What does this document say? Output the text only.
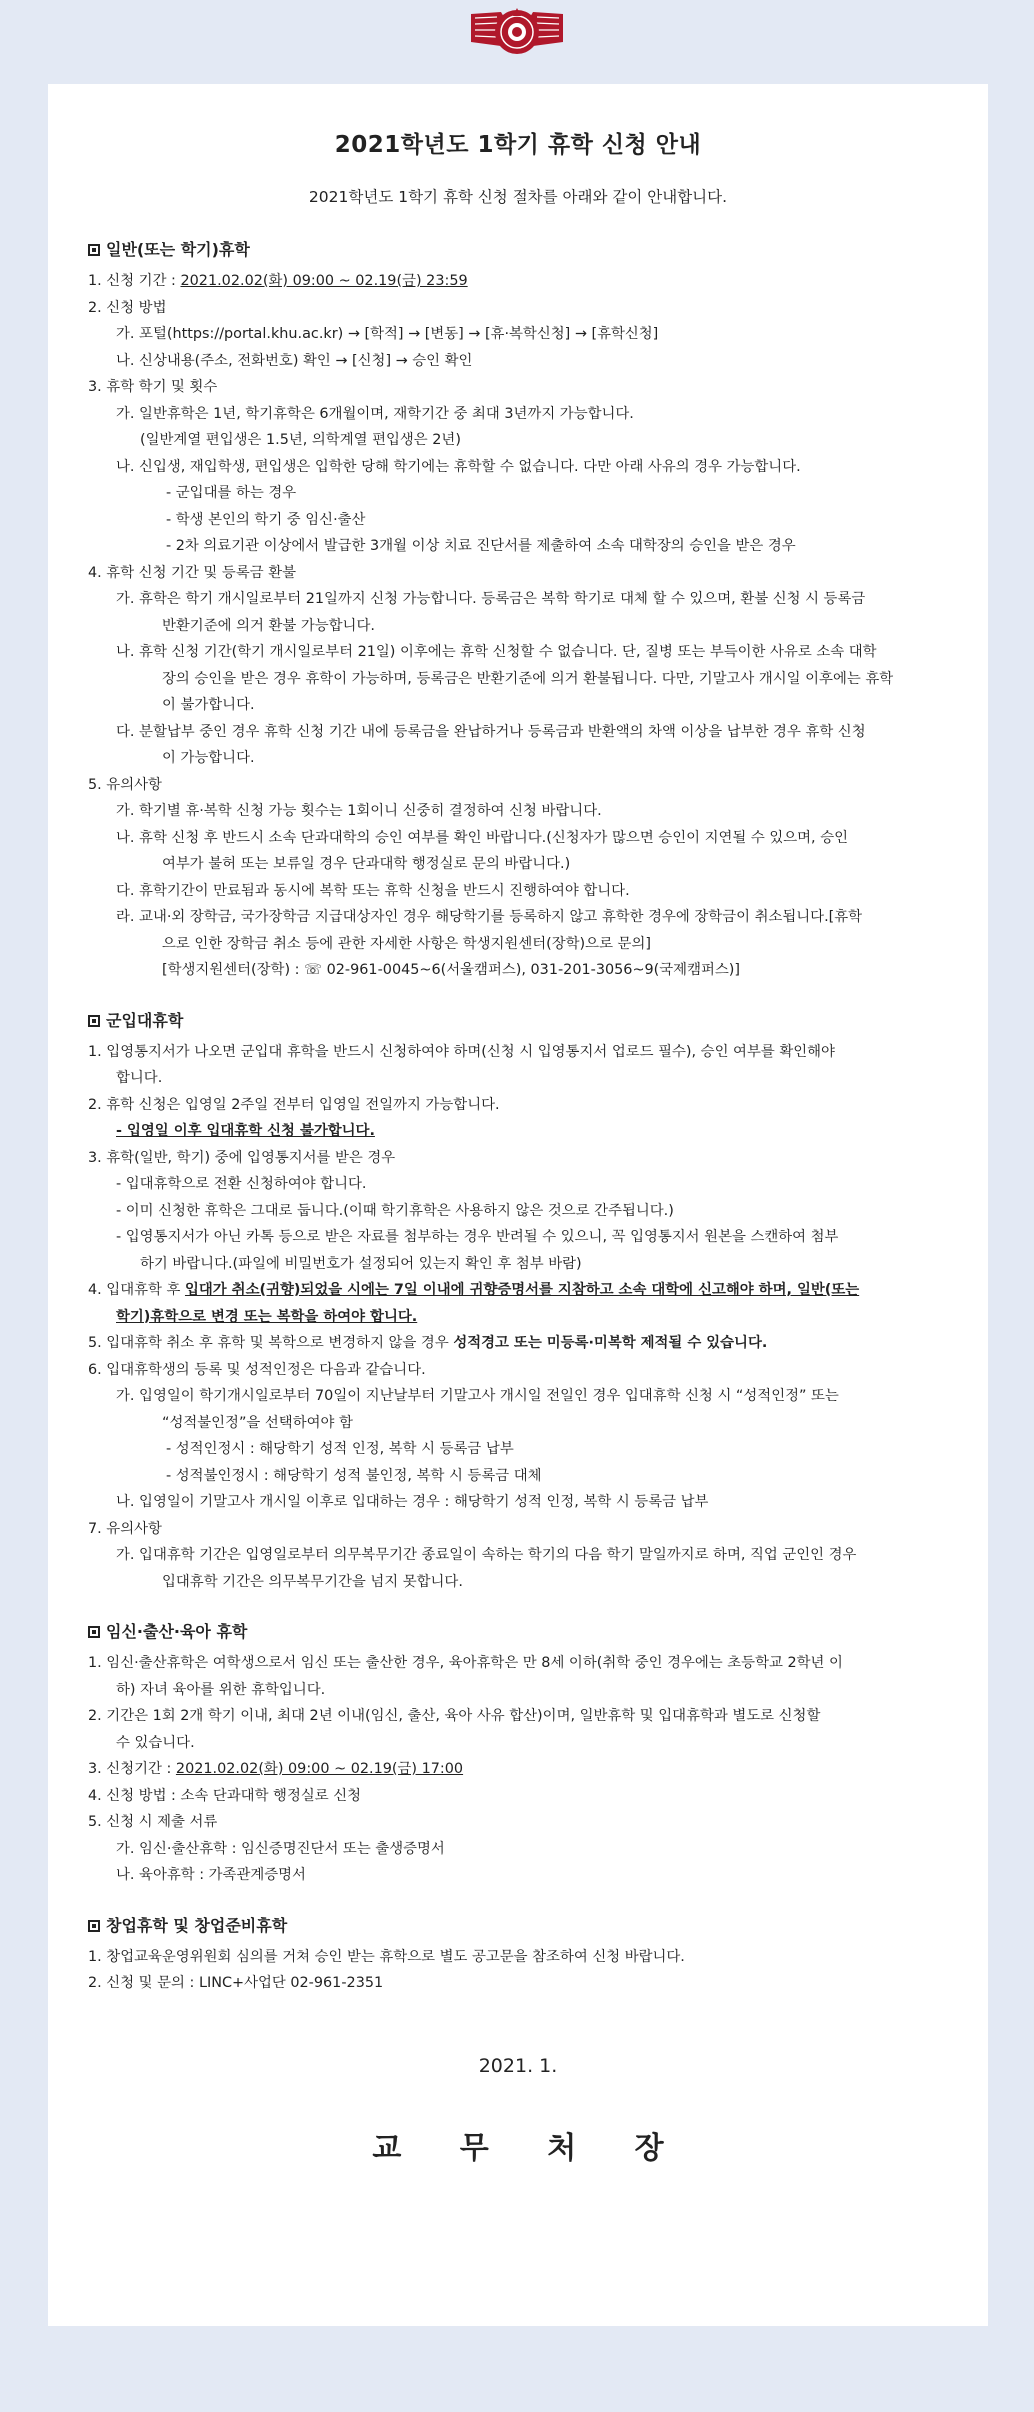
2021학년도 1학기 휴학 신청 안내
2021학년도 1학기 휴학 신청 절차를 아래와 같이 안내합니다.
일반(또는 학기)휴학
1. 신청 기간 : 2021.02.02(화) 09:00 ~ 02.19(금) 23:59
2. 신청 방법
가. 포털(https://portal.khu.ac.kr) → [학적] → [변동] → [휴·복학신청] → [휴학신청]
나. 신상내용(주소, 전화번호) 확인 → [신청] → 승인 확인
3. 휴학 학기 및 횟수
가. 일반휴학은 1년, 학기휴학은 6개월이며, 재학기간 중 최대 3년까지 가능합니다.
(일반계열 편입생은 1.5년, 의학계열 편입생은 2년)
나. 신입생, 재입학생, 편입생은 입학한 당해 학기에는 휴학할 수 없습니다. 다만 아래 사유의 경우 가능합니다.
- 군입대를 하는 경우
- 학생 본인의 학기 중 임신·출산
- 2차 의료기관 이상에서 발급한 3개월 이상 치료 진단서를 제출하여 소속 대학장의 승인을 받은 경우
4. 휴학 신청 기간 및 등록금 환불
가. 휴학은 학기 개시일로부터 21일까지 신청 가능합니다. 등록금은 복학 학기로 대체 할 수 있으며, 환불 신청 시 등록금
반환기준에 의거 환불 가능합니다.
나. 휴학 신청 기간(학기 개시일로부터 21일) 이후에는 휴학 신청할 수 없습니다. 단, 질병 또는 부득이한 사유로 소속 대학
장의 승인을 받은 경우 휴학이 가능하며, 등록금은 반환기준에 의거 환불됩니다. 다만, 기말고사 개시일 이후에는 휴학
이 불가합니다.
다. 분할납부 중인 경우 휴학 신청 기간 내에 등록금을 완납하거나 등록금과 반환액의 차액 이상을 납부한 경우 휴학 신청
이 가능합니다.
5. 유의사항
가. 학기별 휴·복학 신청 가능 횟수는 1회이니 신중히 결정하여 신청 바랍니다.
나. 휴학 신청 후 반드시 소속 단과대학의 승인 여부를 확인 바랍니다.(신청자가 많으면 승인이 지연될 수 있으며, 승인
여부가 불허 또는 보류일 경우 단과대학 행정실로 문의 바랍니다.)
다. 휴학기간이 만료됨과 동시에 복학 또는 휴학 신청을 반드시 진행하여야 합니다.
라. 교내·외 장학금, 국가장학금 지급대상자인 경우 해당학기를 등록하지 않고 휴학한 경우에 장학금이 취소됩니다.[휴학
으로 인한 장학금 취소 등에 관한 자세한 사항은 학생지원센터(장학)으로 문의]
[학생지원센터(장학) : ☏ 02-961-0045~6(서울캠퍼스), 031-201-3056~9(국제캠퍼스)]
군입대휴학
1. 입영통지서가 나오면 군입대 휴학을 반드시 신청하여야 하며(신청 시 입영통지서 업로드 필수), 승인 여부를 확인해야
합니다.
2. 휴학 신청은 입영일 2주일 전부터 입영일 전일까지 가능합니다.
- 입영일 이후 입대휴학 신청 불가합니다.
3. 휴학(일반, 학기) 중에 입영통지서를 받은 경우
- 입대휴학으로 전환 신청하여야 합니다.
- 이미 신청한 휴학은 그대로 둡니다.(이때 학기휴학은 사용하지 않은 것으로 간주됩니다.)
- 입영통지서가 아닌 카톡 등으로 받은 자료를 첨부하는 경우 반려될 수 있으니, 꼭 입영통지서 원본을 스캔하여 첨부
하기 바랍니다.(파일에 비밀번호가 설정되어 있는지 확인 후 첨부 바람)
4. 입대휴학 후 입대가 취소(귀향)되었을 시에는 7일 이내에 귀향증명서를 지참하고 소속 대학에 신고해야 하며, 일반(또는
학기)휴학으로 변경 또는 복학을 하여야 합니다.
5. 입대휴학 취소 후 휴학 및 복학으로 변경하지 않을 경우 성적경고 또는 미등록·미복학 제적될 수 있습니다.
6. 입대휴학생의 등록 및 성적인정은 다음과 같습니다.
가. 입영일이 학기개시일로부터 70일이 지난날부터 기말고사 개시일 전일인 경우 입대휴학 신청 시 “성적인정” 또는
“성적불인정”을 선택하여야 함
- 성적인정시 : 해당학기 성적 인정, 복학 시 등록금 납부
- 성적불인정시 : 해당학기 성적 불인정, 복학 시 등록금 대체
나. 입영일이 기말고사 개시일 이후로 입대하는 경우 : 해당학기 성적 인정, 복학 시 등록금 납부
7. 유의사항
가. 입대휴학 기간은 입영일로부터 의무복무기간 종료일이 속하는 학기의 다음 학기 말일까지로 하며, 직업 군인인 경우
입대휴학 기간은 의무복무기간을 넘지 못합니다.
임신·출산·육아 휴학
1. 임신·출산휴학은 여학생으로서 임신 또는 출산한 경우, 육아휴학은 만 8세 이하(취학 중인 경우에는 초등학교 2학년 이
하) 자녀 육아를 위한 휴학입니다.
2. 기간은 1회 2개 학기 이내, 최대 2년 이내(임신, 출산, 육아 사유 합산)이며, 일반휴학 및 입대휴학과 별도로 신청할
수 있습니다.
3. 신청기간 : 2021.02.02(화) 09:00 ~ 02.19(금) 17:00
4. 신청 방법 : 소속 단과대학 행정실로 신청
5. 신청 시 제출 서류
가. 임신·출산휴학 : 임신증명진단서 또는 출생증명서
나. 육아휴학 : 가족관계증명서
창업휴학 및 창업준비휴학
1. 창업교육운영위원회 심의를 거쳐 승인 받는 휴학으로 별도 공고문을 참조하여 신청 바랍니다.
2. 신청 및 문의 : LINC+사업단 02-961-2351
2021. 1.
교 무 처 장
